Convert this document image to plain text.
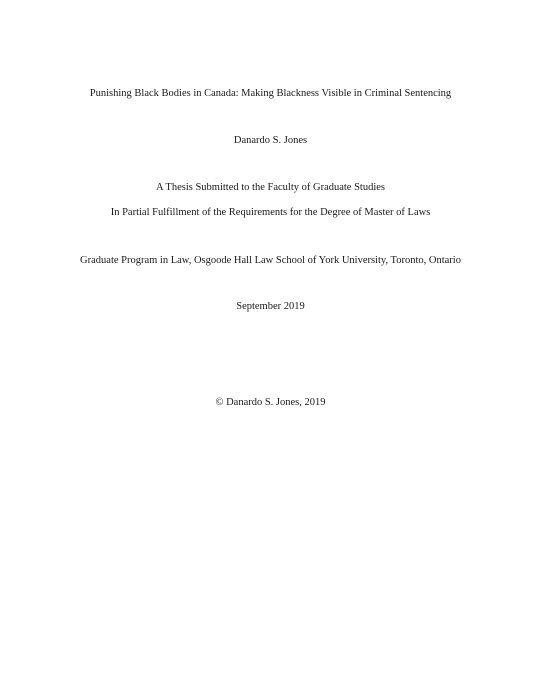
Punishing Black Bodies in Canada: Making Blackness Visible in Criminal Sentencing
Danardo S. Jones
A Thesis Submitted to the Faculty of Graduate Studies
In Partial Fulfillment of the Requirements for the Degree of Master of Laws
Graduate Program in Law, Osgoode Hall Law School of York University, Toronto, Ontario
September 2019
© Danardo S. Jones, 2019
